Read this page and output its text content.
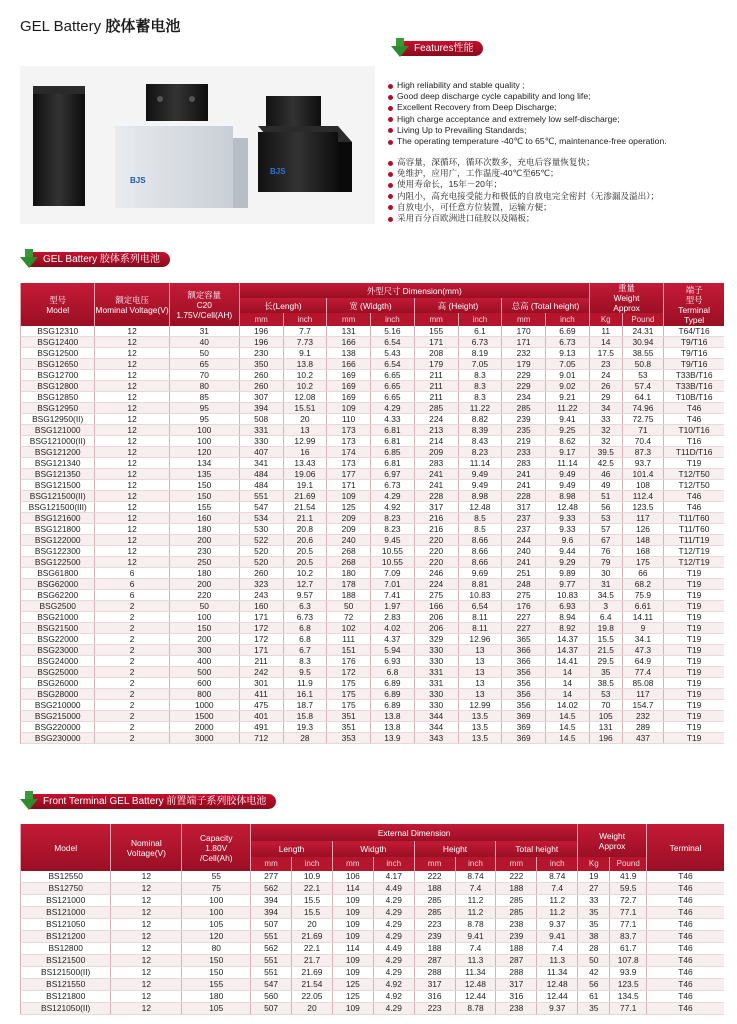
GEL Battery 胶体蓄电池
Features性能
BJS
BJS
High reliability and stable quality ;
Good deep discharge cycle capability and long life;
Excellent Recovery from Deep Discharge;
High charge acceptance and extremely low self-discharge;
Living Up to Prevailing Standards;
The operating temperature -40℃ to 65℃, maintenance-free operation.
高容量，深循环，循环次数多，充电后容量恢复快；
免维护，应用广，工作温度-40℃至65℃；
使用寿命长，15年－20年；
内阻小，高充电接受能力和极低的自放电完全密封（无渗漏及溢出）；
自放电小，可任意方位装置，运输方便；
采用百分百欧洲进口硅胶以及隔板；
GEL Battery 胶体系列电池
型号
Model	额定电压
Mominal Voltage(V)	额定容量
C20
1.75V/Cell(AH)	外型尺寸 Dimension(mm)								重量
Weight
Approx		端子
型号
Terminal
Typel
			长(Lengh)		宽 (Widgth)		高 (Height)		总高 (Total height)				
			mm	inch	mm	inch	mm	inch	mm	inch	Kg	Pound	
BSG12310	12	31	196	7.7	131	5.16	155	6.1	170	6.69	11	24.31	T64/T16
BSG12400	12	40	196	7.73	166	6.54	171	6.73	171	6.73	14	30.94	T9/T16
BSG12500	12	50	230	9.1	138	5.43	208	8.19	232	9.13	17.5	38.55	T9/T16
BSG12650	12	65	350	13.8	166	6.54	179	7.05	179	7.05	23	50.8	T9/T16
BSG12700	12	70	260	10.2	169	6.65	211	8.3	229	9.01	24	53	T33B/T16
BSG12800	12	80	260	10.2	169	6.65	211	8.3	229	9.02	26	57.4	T33B/T16
BSG12850	12	85	307	12.08	169	6.65	211	8.3	234	9.21	29	64.1	T10B/T16
BSG12950	12	95	394	15.51	109	4.29	285	11.22	285	11.22	34	74.96	T46
BSG12950(II)	12	95	508	20	110	4.33	224	8.82	239	9.41	33	72.75	T46
BSG121000	12	100	331	13	173	6.81	213	8.39	235	9.25	32	71	T10/T16
BSG121000(II)	12	100	330	12.99	173	6.81	214	8.43	219	8.62	32	70.4	T16
BSG121200	12	120	407	16	174	6.85	209	8.23	233	9.17	39.5	87.3	T11D/T16
BSG121340	12	134	341	13.43	173	6.81	283	11.14	283	11.14	42.5	93.7	T19
BSG121350	12	135	484	19.06	177	6.97	241	9.49	241	9.49	46	101.4	T12/T50
BSG121500	12	150	484	19.1	171	6.73	241	9.49	241	9.49	49	108	T12/T50
BSG121500(II)	12	150	551	21.69	109	4.29	228	8.98	228	8.98	51	112.4	T46
BSG121500(III)	12	155	547	21.54	125	4.92	317	12.48	317	12.48	56	123.5	T46
BSG121600	12	160	534	21.1	209	8.23	216	8.5	237	9.33	53	117	T11/T60
BSG121800	12	180	530	20.8	209	8.23	216	8.5	237	9.33	57	126	T11/T60
BSG122000	12	200	522	20.6	240	9.45	220	8.66	244	9.6	67	148	T11/T19
BSG122300	12	230	520	20.5	268	10.55	220	8.66	240	9.44	76	168	T12/T19
BSG122500	12	250	520	20.5	268	10.55	220	8.66	241	9.29	79	175	T12/T19
BSG61800	6	180	260	10.2	180	7.09	246	9.69	251	9.89	30	66	T19
BSG62000	6	200	323	12.7	178	7.01	224	8.81	248	9.77	31	68.2	T19
BSG62200	6	220	243	9.57	188	7.41	275	10.83	275	10.83	34.5	75.9	T19
BSG2500	2	50	160	6.3	50	1.97	166	6.54	176	6.93	3	6.61	T19
BSG21000	2	100	171	6.73	72	2.83	206	8.11	227	8.94	6.4	14.11	T19
BSG21500	2	150	172	6.8	102	4.02	206	8.11	227	8.92	19.8	9	T19
BSG22000	2	200	172	6.8	111	4.37	329	12.96	365	14.37	15.5	34.1	T19
BSG23000	2	300	171	6.7	151	5.94	330	13	366	14.37	21.5	47.3	T19
BSG24000	2	400	211	8.3	176	6.93	330	13	366	14.41	29.5	64.9	T19
BSG25000	2	500	242	9.5	172	6.8	331	13	356	14	35	77.4	T19
BSG26000	2	600	301	11.9	175	6.89	331	13	356	14	38.5	85.08	T19
BSG28000	2	800	411	16.1	175	6.89	330	13	356	14	53	117	T19
BSG210000	2	1000	475	18.7	175	6.89	330	12.99	356	14.02	70	154.7	T19
BSG215000	2	1500	401	15.8	351	13.8	344	13.5	369	14.5	105	232	T19
BSG220000	2	2000	491	19.3	351	13.8	344	13.5	369	14.5	131	289	T19
BSG230000	2	3000	712	28	353	13.9	343	13.5	369	14.5	196	437	T19
Front Terminal GEL Battery 前置端子系列胶体电池
Model	Nominal
Voltage(V)	Capacity
1.80V
/Cell(Ah)	External Dimension								Weight
Approx		Terminal
			Length		Widgth		Height		Total height				
			mm	inch	mm	inch	mm	inch	mm	inch	Kg	Pound	
BS12550	12	55	277	10.9	106	4.17	222	8.74	222	8.74	19	41.9	T46
BS12750	12	75	562	22.1	114	4.49	188	7.4	188	7.4	27	59.5	T46
BS121000	12	100	394	15.5	109	4.29	285	11.2	285	11.2	33	72.7	T46
BS121000	12	100	394	15.5	109	4.29	285	11.2	285	11.2	35	77.1	T46
BS121050	12	105	507	20	109	4.29	223	8.78	238	9.37	35	77.1	T46
BS121200	12	120	551	21.69	109	4.29	239	9.41	239	9.41	38	83.7	T46
BS12800	12	80	562	22.1	114	4.49	188	7.4	188	7.4	28	61.7	T46
BS121500	12	150	551	21.7	109	4.29	287	11.3	287	11.3	50	107.8	T46
BS121500(II)	12	150	551	21.69	109	4.29	288	11.34	288	11.34	42	93.9	T46
BS121550	12	155	547	21.54	125	4.92	317	12.48	317	12.48	56	123.5	T46
BS121800	12	180	560	22.05	125	4.92	316	12.44	316	12.44	61	134.5	T46
BS121050(II)	12	105	507	20	109	4.29	223	8.78	238	9.37	35	77.1	T46
